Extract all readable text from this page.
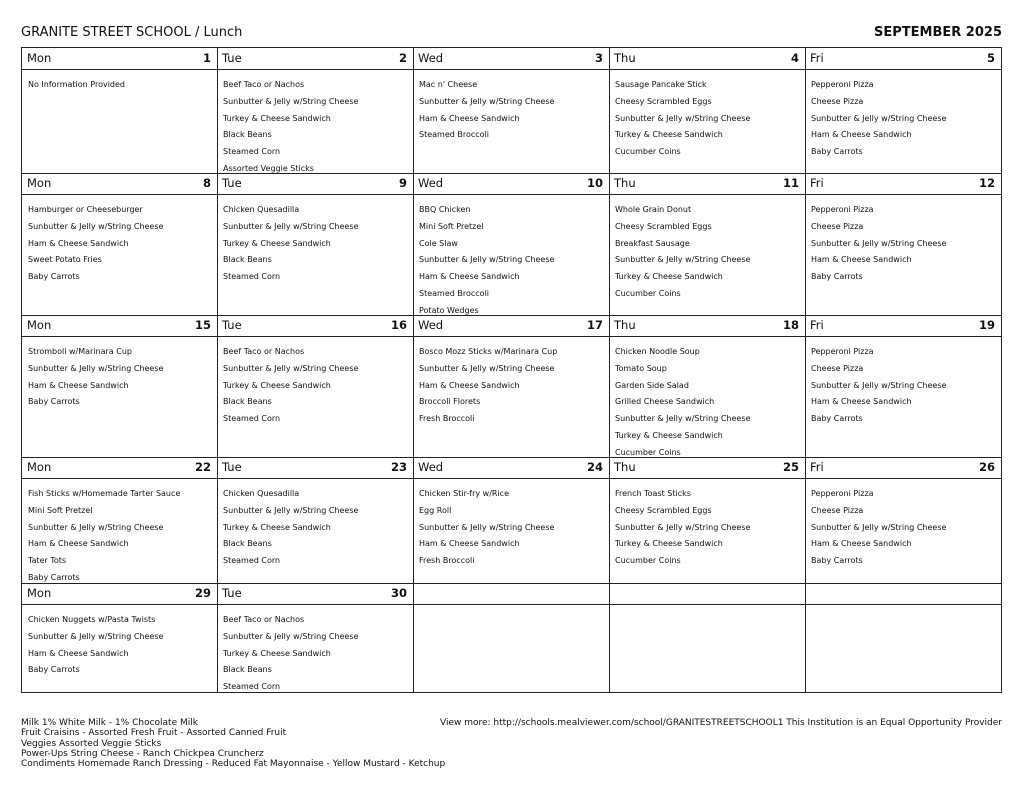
GRANITE STREET SCHOOL / Lunch	SEPTEMBER 2025
Mon	1
No Information Provided
Tue	2
Beef Taco or Nachos
Sunbutter & Jelly w/String Cheese
Turkey & Cheese Sandwich
Black Beans
Steamed Corn
Assorted Veggie Sticks
Wed	3
Mac n' Cheese
Sunbutter & Jelly w/String Cheese
Ham & Cheese Sandwich
Steamed Broccoli
Thu	4
Sausage Pancake Stick
Cheesy Scrambled Eggs
Sunbutter & Jelly w/String Cheese
Turkey & Cheese Sandwich
Cucumber Coins
Fri	5
Pepperoni Pizza
Cheese Pizza
Sunbutter & Jelly w/String Cheese
Ham & Cheese Sandwich
Baby Carrots
Mon	8
Hamburger or Cheeseburger
Sunbutter & Jelly w/String Cheese
Ham & Cheese Sandwich
Sweet Potato Fries
Baby Carrots
Tue	9
Chicken Quesadilla
Sunbutter & Jelly w/String Cheese
Turkey & Cheese Sandwich
Black Beans
Steamed Corn
Wed	10
BBQ Chicken
Mini Soft Pretzel
Cole Slaw
Sunbutter & Jelly w/String Cheese
Ham & Cheese Sandwich
Steamed Broccoli
Potato Wedges
Thu	11
Whole Grain Donut
Cheesy Scrambled Eggs
Breakfast Sausage
Sunbutter & Jelly w/String Cheese
Turkey & Cheese Sandwich
Cucumber Coins
Fri	12
Pepperoni Pizza
Cheese Pizza
Sunbutter & Jelly w/String Cheese
Ham & Cheese Sandwich
Baby Carrots
Mon	15
Stromboli w/Marinara Cup
Sunbutter & Jelly w/String Cheese
Ham & Cheese Sandwich
Baby Carrots
Tue	16
Beef Taco or Nachos
Sunbutter & Jelly w/String Cheese
Turkey & Cheese Sandwich
Black Beans
Steamed Corn
Wed	17
Bosco Mozz Sticks w/Marinara Cup
Sunbutter & Jelly w/String Cheese
Ham & Cheese Sandwich
Broccoli Florets
Fresh Broccoli
Thu	18
Chicken Noodle Soup
Tomato Soup
Garden Side Salad
Grilled Cheese Sandwich
Sunbutter & Jelly w/String Cheese
Turkey & Cheese Sandwich
Cucumber Coins
Fri	19
Pepperoni Pizza
Cheese Pizza
Sunbutter & Jelly w/String Cheese
Ham & Cheese Sandwich
Baby Carrots
Mon	22
Fish Sticks w/Homemade Tarter Sauce
Mini Soft Pretzel
Sunbutter & Jelly w/String Cheese
Ham & Cheese Sandwich
Tater Tots
Baby Carrots
Tue	23
Chicken Quesadilla
Sunbutter & Jelly w/String Cheese
Turkey & Cheese Sandwich
Black Beans
Steamed Corn
Wed	24
Chicken Stir-fry w/Rice
Egg Roll
Sunbutter & Jelly w/String Cheese
Ham & Cheese Sandwich
Fresh Broccoli
Thu	25
French Toast Sticks
Cheesy Scrambled Eggs
Sunbutter & Jelly w/String Cheese
Turkey & Cheese Sandwich
Cucumber Coins
Fri	26
Pepperoni Pizza
Cheese Pizza
Sunbutter & Jelly w/String Cheese
Ham & Cheese Sandwich
Baby Carrots
Mon	29
Chicken Nuggets w/Pasta Twists
Sunbutter & Jelly w/String Cheese
Ham & Cheese Sandwich
Baby Carrots
Tue	30
Beef Taco or Nachos
Sunbutter & Jelly w/String Cheese
Turkey & Cheese Sandwich
Black Beans
Steamed Corn
Milk 1% White Milk - 1% Chocolate Milk
Fruit Craisins - Assorted Fresh Fruit - Assorted Canned Fruit
Veggies Assorted Veggie Sticks
Power-Ups String Cheese - Ranch Chickpea Cruncherz
Condiments Homemade Ranch Dressing - Reduced Fat Mayonnaise - Yellow Mustard - Ketchup
View more: http://schools.mealviewer.com/school/GRANITESTREETSCHOOL1 This Institution is an Equal Opportunity Provider
